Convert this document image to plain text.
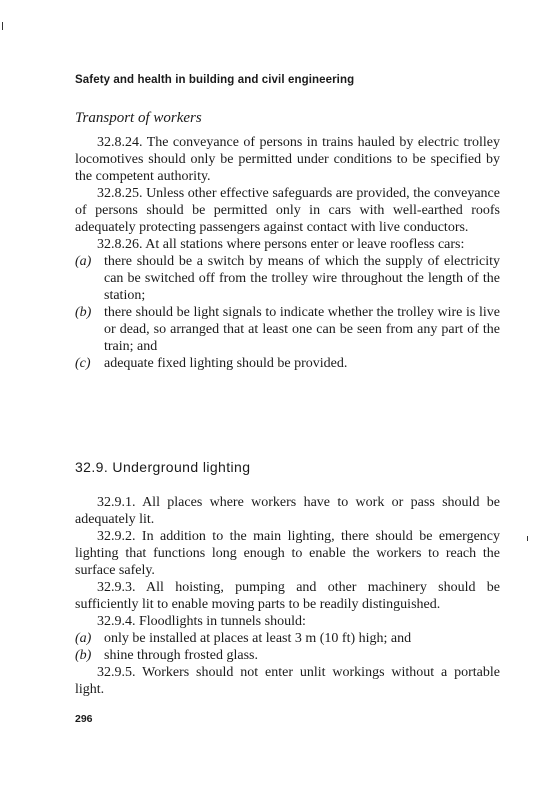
Safety and health in building and civil engineering
Transport of workers

32.8.24. The conveyance of persons in trains hauled by electric trolley locomotives should only be permitted under conditions to be specified by the competent authority.

32.8.25. Unless other effective safeguards are provided, the conveyance of persons should be permitted only in cars with well-earthed roofs adequately protecting passengers against contact with live conductors.

32.8.26. At all stations where persons enter or leave roofless cars:

(a) there should be a switch by means of which the supply of electricity can be switched off from the trolley wire throughout the length of the station;

(b) there should be light signals to indicate whether the trolley wire is live or dead, so arranged that at least one can be seen from any part of the train; and

(c) adequate fixed lighting should be provided.

32.9. Underground lighting

32.9.1. All places where workers have to work or pass should be adequately lit.

32.9.2. In addition to the main lighting, there should be emergency lighting that functions long enough to enable the workers to reach the surface safely.

32.9.3. All hoisting, pumping and other machinery should be sufficiently lit to enable moving parts to be readily distinguished.

32.9.4. Floodlights in tunnels should:

(a) only be installed at places at least 3 m (10 ft) high; and

(b) shine through frosted glass.

32.9.5. Workers should not enter unlit workings without a portable light.

296
